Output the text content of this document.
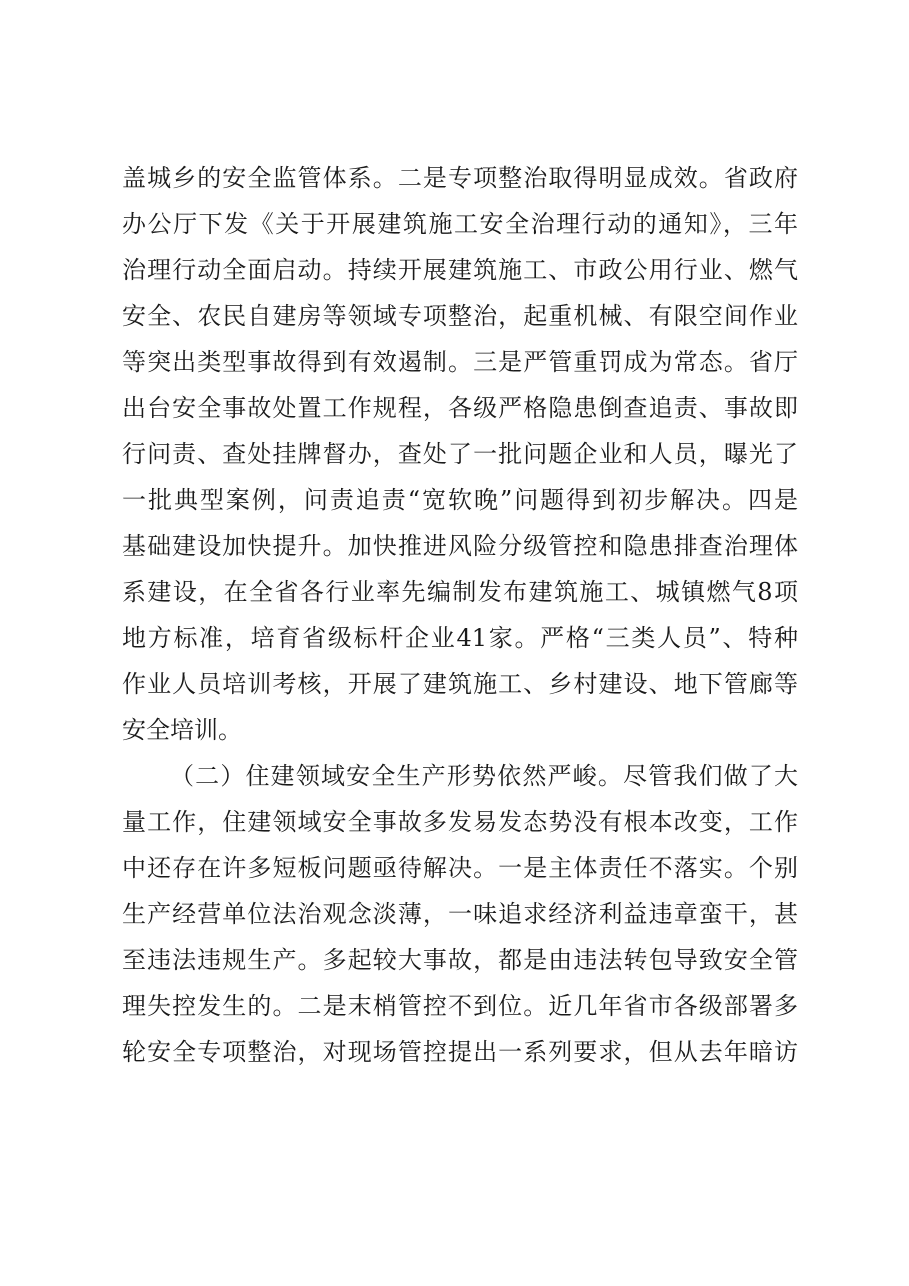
盖城乡的安全监管体系。二是专项整治取得明显成效。省政府
办公厅下发《关于开展建筑施工安全治理行动的通知》，三年
治理行动全面启动。持续开展建筑施工、市政公用行业、燃气
安全、农民自建房等领域专项整治，起重机械、有限空间作业
等突出类型事故得到有效遏制。三是严管重罚成为常态。省厅
出台安全事故处置工作规程，各级严格隐患倒查追责、事故即
行问责、查处挂牌督办，查处了一批问题企业和人员，曝光了
一批典型案例，问责追责“宽软晚”问题得到初步解决。四是
基础建设加快提升。加快推进风险分级管控和隐患排查治理体
系建设，在全省各行业率先编制发布建筑施工、城镇燃气8项
地方标准，培育省级标杆企业41家。严格“三类人员”、特种
作业人员培训考核，开展了建筑施工、乡村建设、地下管廊等
安全培训。
（二）住建领域安全生产形势依然严峻。尽管我们做了大
量工作，住建领域安全事故多发易发态势没有根本改变，工作
中还存在许多短板问题亟待解决。一是主体责任不落实。个别
生产经营单位法治观念淡薄，一味追求经济利益违章蛮干，甚
至违法违规生产。多起较大事故，都是由违法转包导致安全管
理失控发生的。二是末梢管控不到位。近几年省市各级部署多
轮安全专项整治，对现场管控提出一系列要求，但从去年暗访
